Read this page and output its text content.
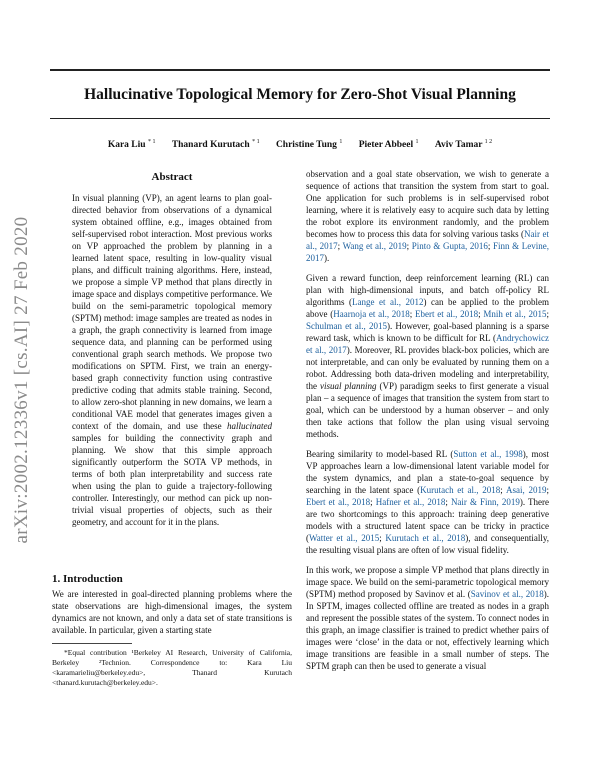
Hallucinative Topological Memory for Zero-Shot Visual Planning
Kara Liu $^{* 1}$ Thanard Kurutach $^{* 1}$ Christine Tung $^1$ Pieter Abbeel $^1$ Aviv Tamar $^{1 2}$
arXiv:2002.12336v1 [cs.AI] 27 Feb 2020
Abstract

In visual planning (VP), an agent learns to plan goal-directed behavior from observations of a dynamical system obtained offline, e.g., images obtained from self-supervised robot interaction. Most previous works on VP approached the problem by planning in a learned latent space, resulting in low-quality visual plans, and difficult training algorithms. Here, instead, we propose a simple VP method that plans directly in image space and displays competitive performance. We build on the semi-parametric topological memory (SPTM) method: image samples are treated as nodes in a graph, the graph connectivity is learned from image sequence data, and planning can be performed using conventional graph search methods. We propose two modifications on SPTM. First, we train an energy-based graph connectivity function using contrastive predictive coding that admits stable training. Second, to allow zero-shot planning in new domains, we learn a conditional VAE model that generates images given a context of the domain, and use these hallucinated samples for building the connectivity graph and planning. We show that this simple approach significantly outperform the SOTA VP methods, in terms of both plan interpretability and success rate when using the plan to guide a trajectory-following controller. Interestingly, our method can pick up non-trivial visual properties of objects, such as their geometry, and account for it in the plans.

1. Introduction

We are interested in goal-directed planning problems where the state observations are high-dimensional images, the system dynamics are not known, and only a data set of state transitions is available. In particular, given a starting state

*Equal contribution ¹Berkeley AI Research, University of California, Berkeley ²Technion. Correspondence to: Kara Liu <karamarieliu@berkeley.edu>, Thanard Kurutach <thanard.kurutach@berkeley.edu>.

observation and a goal state observation, we wish to generate a sequence of actions that transition the system from start to goal. One application for such problems is in self-supervised robot learning, where it is relatively easy to acquire such data by letting the robot explore its environment randomly, and the problem becomes how to process this data for solving various tasks (Nair et al., 2017; Wang et al., 2019; Pinto & Gupta, 2016; Finn & Levine, 2017).

Given a reward function, deep reinforcement learning (RL) can plan with high-dimensional inputs, and batch off-policy RL algorithms (Lange et al., 2012) can be applied to the problem above (Haarnoja et al., 2018; Ebert et al., 2018; Mnih et al., 2015; Schulman et al., 2015). However, goal-based planning is a sparse reward task, which is known to be difficult for RL (Andrychowicz et al., 2017). Moreover, RL provides black-box policies, which are not interpretable, and can only be evaluated by running them on a robot. Addressing both data-driven modeling and interpretability, the visual planning (VP) paradigm seeks to first generate a visual plan – a sequence of images that transition the system from start to goal, which can be understood by a human observer – and only then take actions that follow the plan using visual servoing methods.

Bearing similarity to model-based RL (Sutton et al., 1998), most VP approaches learn a low-dimensional latent variable model for the system dynamics, and plan a state-to-goal sequence by searching in the latent space (Kurutach et al., 2018; Asai, 2019; Ebert et al., 2018; Hafner et al., 2018; Nair & Finn, 2019). There are two shortcomings to this approach: training deep generative models with a structured latent space can be tricky in practice (Watter et al., 2015; Kurutach et al., 2018), and consequentially, the resulting visual plans are often of low visual fidelity.

In this work, we propose a simple VP method that plans directly in image space. We build on the semi-parametric topological memory (SPTM) method proposed by Savinov et al. (Savinov et al., 2018). In SPTM, images collected offline are treated as nodes in a graph and represent the possible states of the system. To connect nodes in this graph, an image classifier is trained to predict whether pairs of images were ‘close’ in the data or not, effectively learning which image transitions are feasible in a small number of steps. The SPTM graph can then be used to generate a visual
